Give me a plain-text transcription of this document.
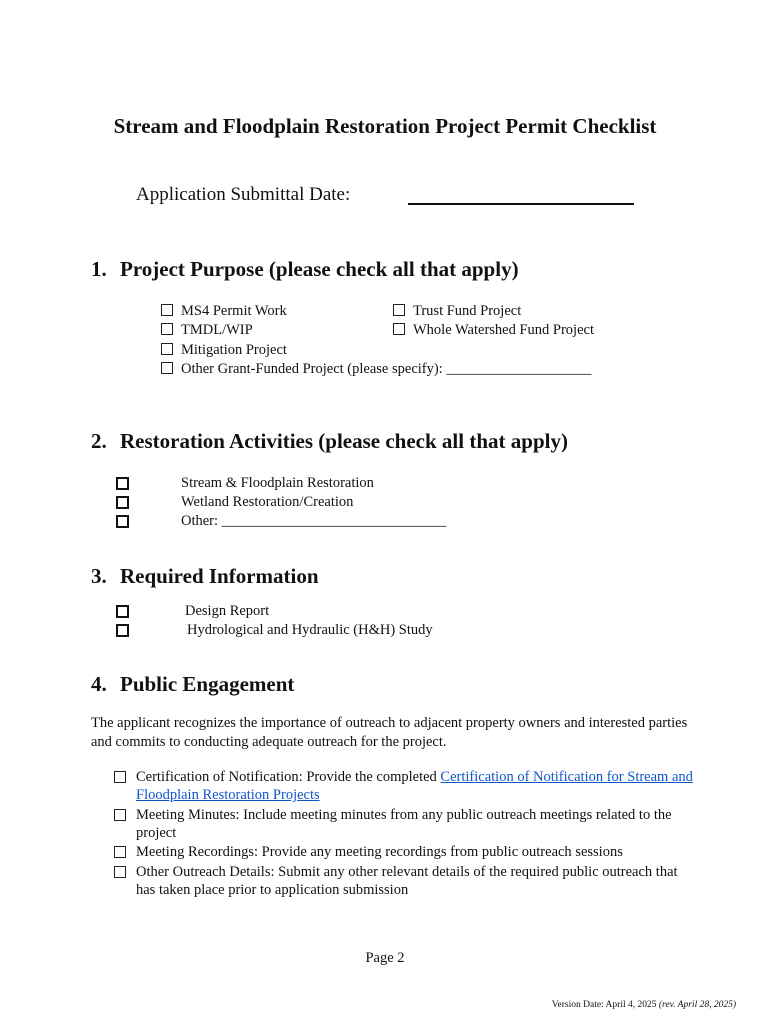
Stream and Floodplain Restoration Project Permit Checklist
Application Submittal Date:
1. Project Purpose (please check all that apply)
MS4 Permit Work
TMDL/WIP
Mitigation Project
Other Grant-Funded Project (please specify): ____________________
Trust Fund Project
Whole Watershed Fund Project
2. Restoration Activities (please check all that apply)
Stream & Floodplain Restoration
Wetland Restoration/Creation
Other: _______________________________
3. Required Information
Design Report
Hydrological and Hydraulic (H&H) Study
4. Public Engagement
The applicant recognizes the importance of outreach to adjacent property owners and interested parties and commits to conducting adequate outreach for the project.
Certification of Notification: Provide the completed Certification of Notification for Stream and Floodplain Restoration Projects
Meeting Minutes: Include meeting minutes from any public outreach meetings related to the project
Meeting Recordings: Provide any meeting recordings from public outreach sessions
Other Outreach Details: Submit any other relevant details of the required public outreach that has taken place prior to application submission
Page 2
Version Date: April 4, 2025 (rev. April 28, 2025)
